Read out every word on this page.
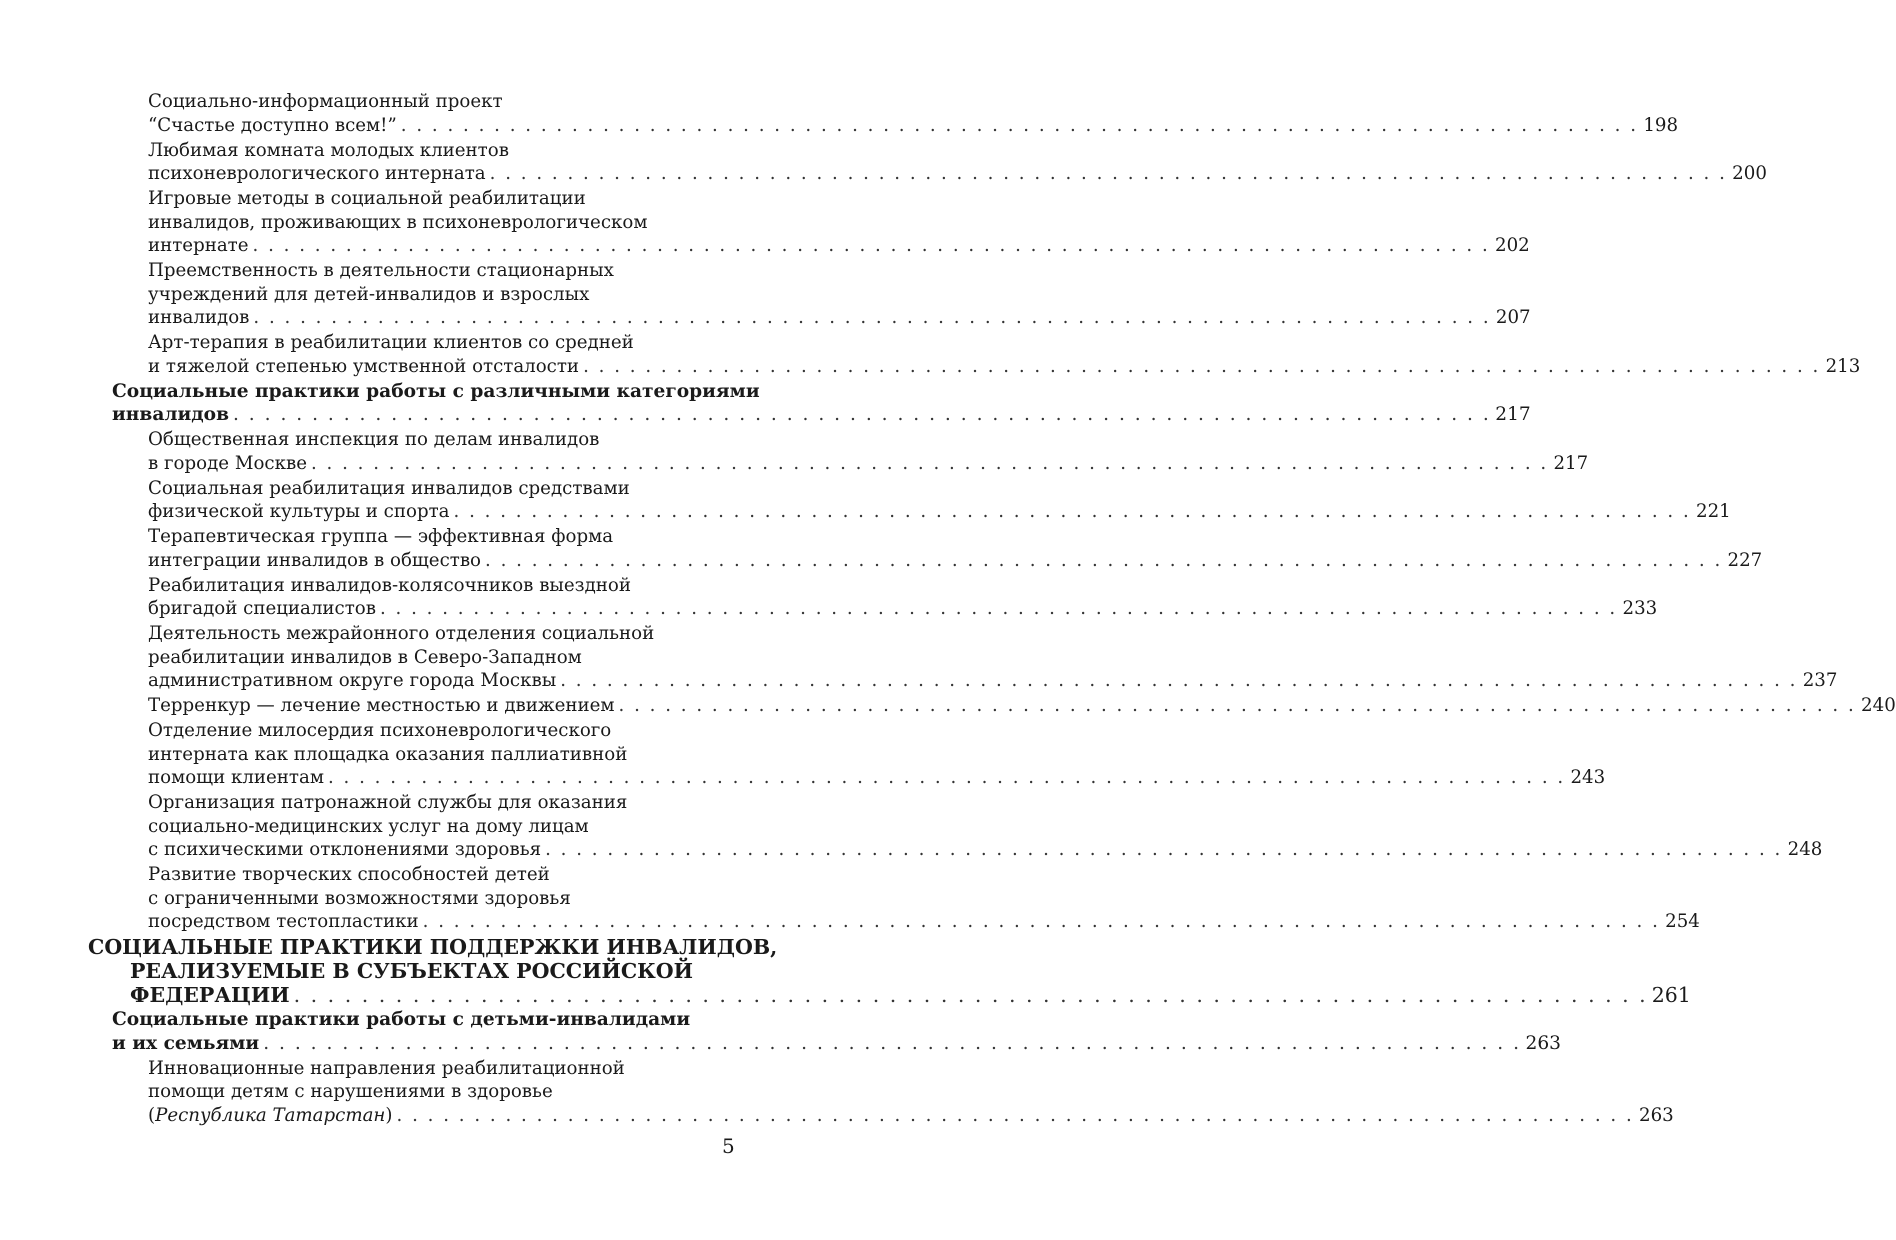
Социально-информационный проект
“Счастье доступно всем!” . . . . . . . . . . . . . . . . . . . . . . . . . . . . . . . . . . . . . . . . . . . . . . . . . . . . . . . . . . . . . . . . . . . . . . . . . . . . . . . . 198
Любимая комната молодых клиентов
психоневрологического интерната . . . . . . . . . . . . . . . . . . . . . . . . . . . . . . . . . . . . . . . . . . . . . . . . . . . . . . . . . . . . . . . . . . . . . . . . . . . . . . . . 200
Игровые методы в социальной реабилитации
инвалидов, проживающих в психоневрологическом
интернате . . . . . . . . . . . . . . . . . . . . . . . . . . . . . . . . . . . . . . . . . . . . . . . . . . . . . . . . . . . . . . . . . . . . . . . . . . . . . . . . 202
Преемственность в деятельности стационарных
учреждений для детей-инвалидов и взрослых
инвалидов . . . . . . . . . . . . . . . . . . . . . . . . . . . . . . . . . . . . . . . . . . . . . . . . . . . . . . . . . . . . . . . . . . . . . . . . . . . . . . . . 207
Арт-терапия в реабилитации клиентов со средней
и тяжелой степенью умственной отсталости . . . . . . . . . . . . . . . . . . . . . . . . . . . . . . . . . . . . . . . . . . . . . . . . . . . . . . . . . . . . . . . . . . . . . . . . . . . . . . . . 213
Социальные практики работы с различными категориями
инвалидов . . . . . . . . . . . . . . . . . . . . . . . . . . . . . . . . . . . . . . . . . . . . . . . . . . . . . . . . . . . . . . . . . . . . . . . . . . . . . . . . 217
Общественная инспекция по делам инвалидов
в городе Москве . . . . . . . . . . . . . . . . . . . . . . . . . . . . . . . . . . . . . . . . . . . . . . . . . . . . . . . . . . . . . . . . . . . . . . . . . . . . . . . . 217
Социальная реабилитация инвалидов средствами
физической культуры и спорта . . . . . . . . . . . . . . . . . . . . . . . . . . . . . . . . . . . . . . . . . . . . . . . . . . . . . . . . . . . . . . . . . . . . . . . . . . . . . . . . 221
Терапевтическая группа — эффективная форма
интеграции инвалидов в общество . . . . . . . . . . . . . . . . . . . . . . . . . . . . . . . . . . . . . . . . . . . . . . . . . . . . . . . . . . . . . . . . . . . . . . . . . . . . . . . . 227
Реабилитация инвалидов-колясочников выездной
бригадой специалистов . . . . . . . . . . . . . . . . . . . . . . . . . . . . . . . . . . . . . . . . . . . . . . . . . . . . . . . . . . . . . . . . . . . . . . . . . . . . . . . . 233
Деятельность межрайонного отделения социальной
реабилитации инвалидов в Северо-Западном
административном округе города Москвы . . . . . . . . . . . . . . . . . . . . . . . . . . . . . . . . . . . . . . . . . . . . . . . . . . . . . . . . . . . . . . . . . . . . . . . . . . . . . . . . 237
Терренкур — лечение местностью и движением . . . . . . . . . . . . . . . . . . . . . . . . . . . . . . . . . . . . . . . . . . . . . . . . . . . . . . . . . . . . . . . . . . . . . . . . . . . . . . . . 240
Отделение милосердия психоневрологического
интерната как площадка оказания паллиативной
помощи клиентам . . . . . . . . . . . . . . . . . . . . . . . . . . . . . . . . . . . . . . . . . . . . . . . . . . . . . . . . . . . . . . . . . . . . . . . . . . . . . . . . 243
Организация патронажной службы для оказания
социально-медицинских услуг на дому лицам
с психическими отклонениями здоровья . . . . . . . . . . . . . . . . . . . . . . . . . . . . . . . . . . . . . . . . . . . . . . . . . . . . . . . . . . . . . . . . . . . . . . . . . . . . . . . . 248
Развитие творческих способностей детей
с ограниченными возможностями здоровья
посредством тестопластики . . . . . . . . . . . . . . . . . . . . . . . . . . . . . . . . . . . . . . . . . . . . . . . . . . . . . . . . . . . . . . . . . . . . . . . . . . . . . . . . 254
СОЦИАЛЬНЫЕ ПРАКТИКИ ПОДДЕРЖКИ ИНВАЛИДОВ,
РЕАЛИЗУЕМЫЕ В СУБЪЕКТАХ РОССИЙСКОЙ
ФЕДЕРАЦИИ . . . . . . . . . . . . . . . . . . . . . . . . . . . . . . . . . . . . . . . . . . . . . . . . . . . . . . . . . . . . . . . . . . . . . . . . . . . . . . . . 261
Социальные практики работы с детьми-инвалидами
и их семьями . . . . . . . . . . . . . . . . . . . . . . . . . . . . . . . . . . . . . . . . . . . . . . . . . . . . . . . . . . . . . . . . . . . . . . . . . . . . . . . . 263
Инновационные направления реабилитационной
помощи детям с нарушениями в здоровье
(Республика Татарстан) . . . . . . . . . . . . . . . . . . . . . . . . . . . . . . . . . . . . . . . . . . . . . . . . . . . . . . . . . . . . . . . . . . . . . . . . . . . . . . . . 263
5
